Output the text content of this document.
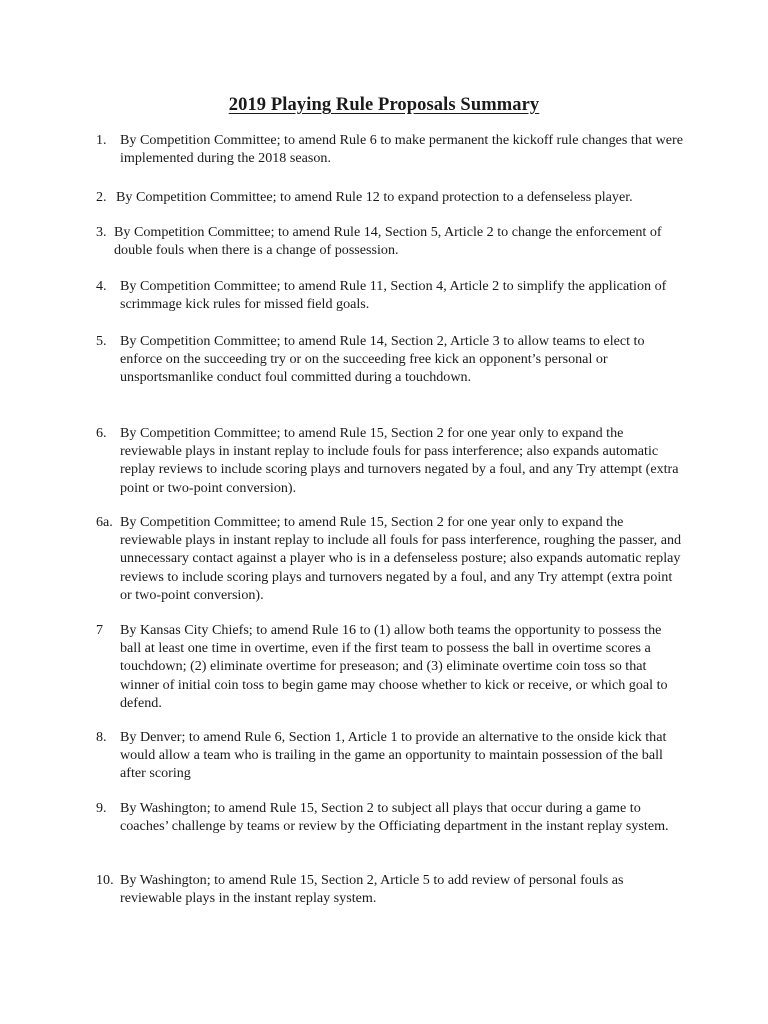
2019 Playing Rule Proposals Summary
1. By Competition Committee; to amend Rule 6 to make permanent the kickoff rule changes that were implemented during the 2018 season.
2. By Competition Committee; to amend Rule 12 to expand protection to a defenseless player.
3. By Competition Committee; to amend Rule 14, Section 5, Article 2 to change the enforcement of double fouls when there is a change of possession.
4. By Competition Committee; to amend Rule 11, Section 4, Article 2 to simplify the application of scrimmage kick rules for missed field goals.
5. By Competition Committee; to amend Rule 14, Section 2, Article 3 to allow teams to elect to enforce on the succeeding try or on the succeeding free kick an opponent’s personal or unsportsmanlike conduct foul committed during a touchdown.
6. By Competition Committee; to amend Rule 15, Section 2 for one year only to expand the reviewable plays in instant replay to include fouls for pass interference; also expands automatic replay reviews to include scoring plays and turnovers negated by a foul, and any Try attempt (extra point or two-point conversion).
6a. By Competition Committee; to amend Rule 15, Section 2 for one year only to expand the reviewable plays in instant replay to include all fouls for pass interference, roughing the passer, and unnecessary contact against a player who is in a defenseless posture; also expands automatic replay reviews to include scoring plays and turnovers negated by a foul, and any Try attempt (extra point or two-point conversion).
7 By Kansas City Chiefs; to amend Rule 16 to (1) allow both teams the opportunity to possess the ball at least one time in overtime, even if the first team to possess the ball in overtime scores a touchdown; (2) eliminate overtime for preseason; and (3) eliminate overtime coin toss so that winner of initial coin toss to begin game may choose whether to kick or receive, or which goal to defend.
8. By Denver; to amend Rule 6, Section 1, Article 1 to provide an alternative to the onside kick that would allow a team who is trailing in the game an opportunity to maintain possession of the ball after scoring
9. By Washington; to amend Rule 15, Section 2 to subject all plays that occur during a game to coaches’ challenge by teams or review by the Officiating department in the instant replay system.
10. By Washington; to amend Rule 15, Section 2, Article 5 to add review of personal fouls as reviewable plays in the instant replay system.
